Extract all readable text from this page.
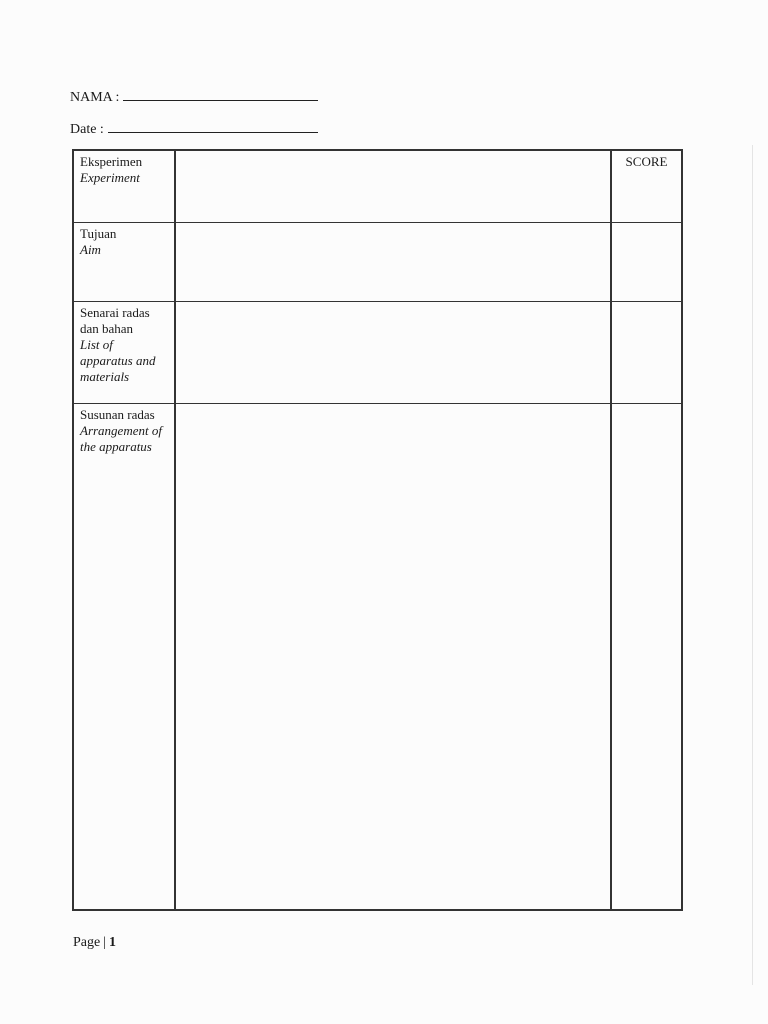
NAMA :
Date :
Eksperimen
Experiment		SCORE

Tujuan
Aim		

Senarai radas dan bahan
List of apparatus and materials		

Susunan radas
Arrangement of the apparatus		

Page | 1
